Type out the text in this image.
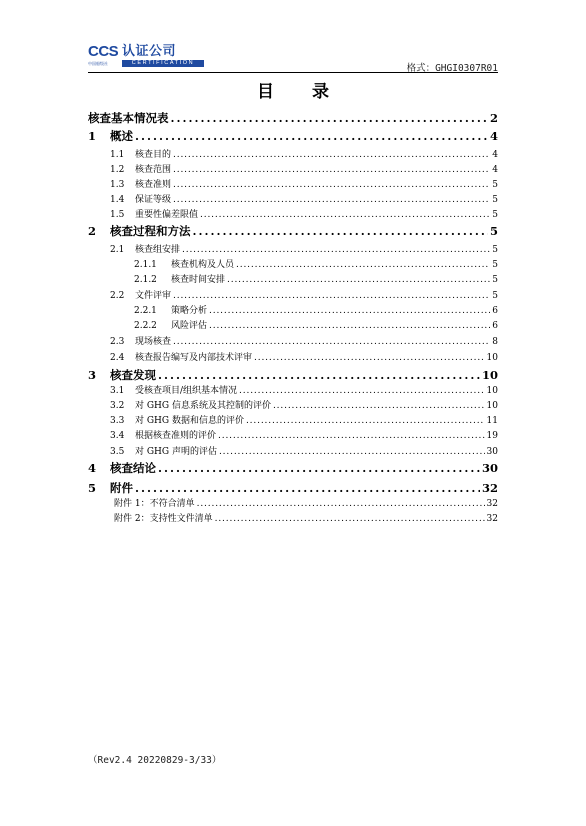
CCS 认证公司
中国船级社	CERTIFICATION	格式：GHGI0307R01
目 录
核查基本情况表 . . .	2
1	概述 . . .	4
1.1	核查目的 . . .	4
1.2	核查范围 . . .	4
1.3	核查准则 . . .	5
1.4	保证等级 . . .	5
1.5	重要性偏差限值 . . .	5
2	核查过程和方法 . . .	5
2.1	核查组安排 . . .	5
2.1.1	核查机构及人员 . . .	5
2.1.2	核查时间安排 . . .	5
2.2	文件评审 . . .	5
2.2.1	策略分析 . . .	6
2.2.2	风险评估 . . .	6
2.3	现场核查 . . .	8
2.4	核查报告编写及内部技术评审 . . .	10
3	核查发现 . . .	10
3.1	受核查项目/组织基本情况 . . .	10
3.2	对 GHG 信息系统及其控制的评价 . . .	10
3.3	对 GHG 数据和信息的评价 . . .	11
3.4	根据核查准则的评价 . . .	19
3.5	对 GHG 声明的评估 . . .	30
4	核查结论 . . .	30
5	附件 . . .	32
附件 1：不符合清单 . . .	32
附件 2：支持性文件清单 . . .	32
（Rev2.4 20220829-3/33）
